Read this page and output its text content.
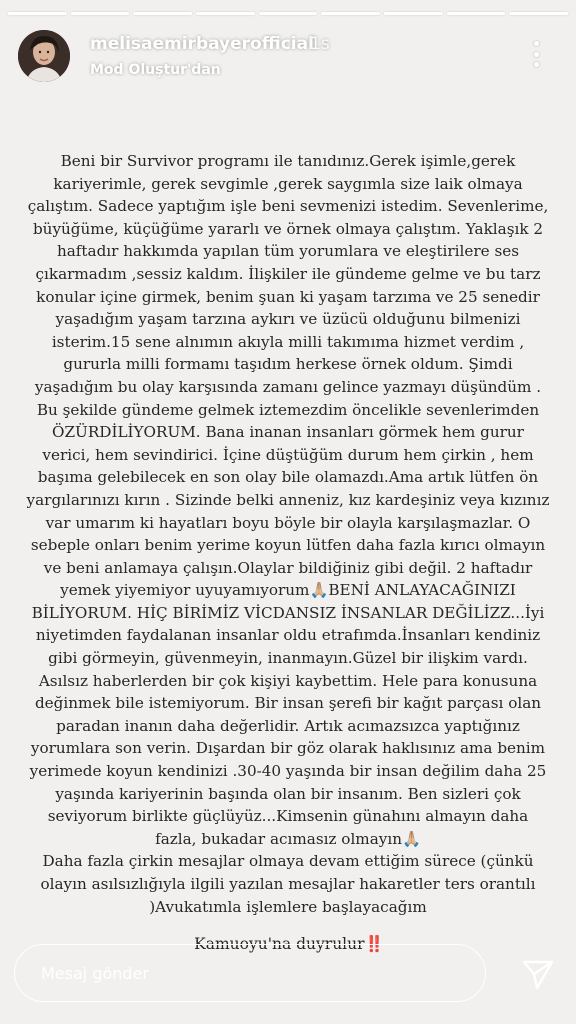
melisaemirbayerofficial
1s
Mod Oluştur'dan

Beni bir Survivor programı ile tanıdınız.Gerek işimle,gerek kariyerimle, gerek sevgimle ,gerek saygımla size laik olmaya çalıştım. Sadece yaptığım işle beni sevmenizi istedim. Sevenlerime, büyüğüme, küçüğüme yararlı ve örnek olmaya çalıştım. Yaklaşık 2 haftadır hakkımda yapılan tüm yorumlara ve eleştirilere ses çıkarmadım ,sessiz kaldım. İlişkiler ile gündeme gelme ve bu tarz konular içine girmek, benim şuan ki yaşam tarzıma ve 25 senedir yaşadığım yaşam tarzına aykırı ve üzücü olduğunu bilmenizi isterim.15 sene alnımın akıyla milli takımıma hizmet verdim , gururla milli formamı taşıdım herkese örnek oldum. Şimdi yaşadığım bu olay karşısında zamanı gelince yazmayı düşündüm . Bu şekilde gündeme gelmek iztemezdim öncelikle sevenlerimden ÖZÜRDİLİYORUM. Bana inanan insanları görmek hem gurur verici, hem sevindirici. İçine düştüğüm durum hem çirkin , hem başıma gelebilecek en son olay bile olamazdı.Ama artık lütfen ön yargılarınızı kırın . Sizinde belki anneniz, kız kardeşiniz veya kızınız var umarım ki hayatları boyu böyle bir olayla karşılaşmazlar. O sebeple onları benim yerime koyun lütfen daha fazla kırıcı olmayın ve beni anlamaya çalışın.Olaylar bildiğiniz gibi değil. 2 haftadır yemek yiyemiyor uyuyamıyorum🙏🏼BENİ ANLAYACAĞINIZI BİLİYORUM. HİÇ BİRİMİZ VİCDANSIZ İNSANLAR DEĞİLİZZ...İyi niyetimden faydalanan insanlar oldu etrafımda.İnsanları kendiniz gibi görmeyin, güvenmeyin, inanmayın.Güzel bir ilişkim vardı. Asılsız haberlerden bir çok kişiyi kaybettim. Hele para konusuna değinmek bile istemiyorum. Bir insan şerefi bir kağıt parçası olan paradan inanın daha değerlidir. Artık acımazsızca yaptığınız yorumlara son verin. Dışardan bir göz olarak haklısınız ama benim yerimede koyun kendinizi .30-40 yaşında bir insan değilim daha 25 yaşında kariyerinin başında olan bir insanım. Ben sizleri çok seviyorum birlikte güçlüyüz...Kimsenin günahını almayın daha fazla, bukadar acımasız olmayın🙏🏼

Daha fazla çirkin mesajlar olmaya devam ettiğim sürece (çünkü olayın asılsızlığıyla ilgili yazılan mesajlar hakaretler ters orantılı )Avukatımla işlemlere başlayacağım

Kamuoyu'na duyrulur‼️
Mesaj gönder
